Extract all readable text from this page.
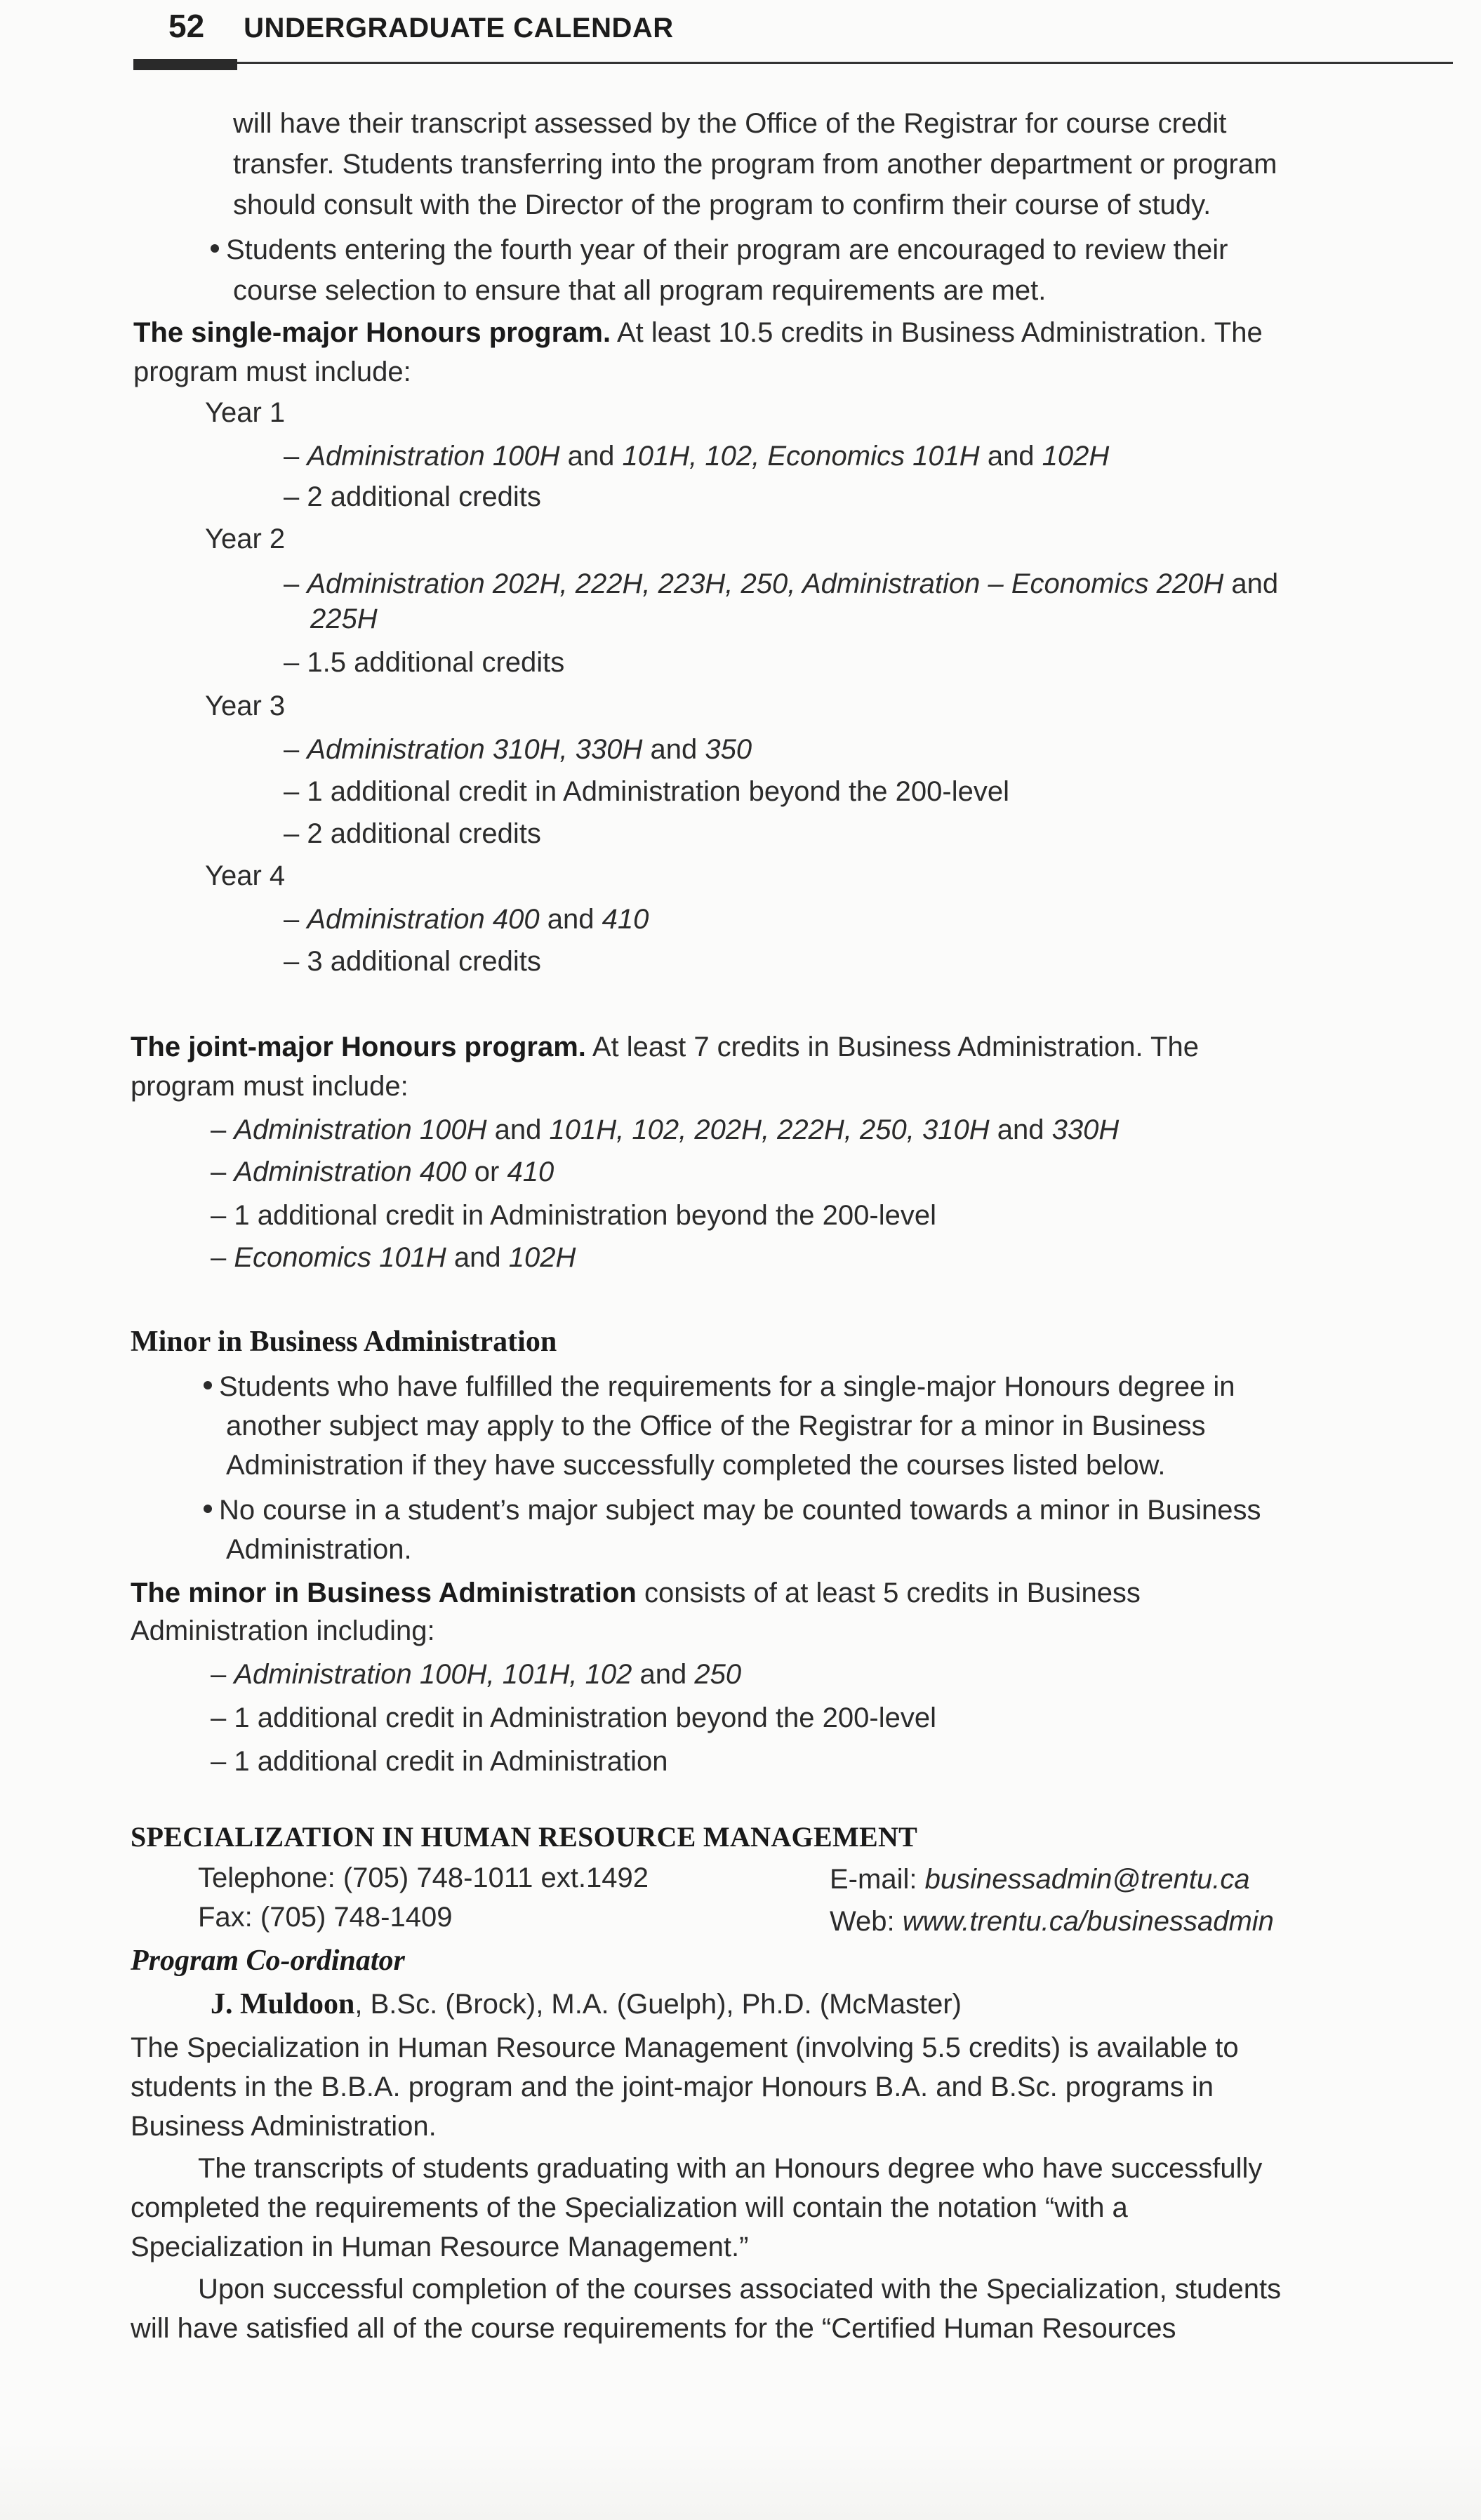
52 UNDERGRADUATE CALENDAR
will have their transcript assessed by the Office of the Registrar for course credit
transfer. Students transferring into the program from another department or program
should consult with the Director of the program to confirm their course of study.
Students entering the fourth year of their program are encouraged to review their
course selection to ensure that all program requirements are met.
The single-major Honours program. At least 10.5 credits in Business Administration. The
program must include:
Year 1
– Administration 100H and 101H, 102, Economics 101H and 102H
– 2 additional credits
Year 2
– Administration 202H, 222H, 223H, 250, Administration – Economics 220H and
225H
– 1.5 additional credits
Year 3
– Administration 310H, 330H and 350
– 1 additional credit in Administration beyond the 200-level
– 2 additional credits
Year 4
– Administration 400 and 410
– 3 additional credits
The joint-major Honours program. At least 7 credits in Business Administration. The
program must include:
– Administration 100H and 101H, 102, 202H, 222H, 250, 310H and 330H
– Administration 400 or 410
– 1 additional credit in Administration beyond the 200-level
– Economics 101H and 102H
Minor in Business Administration
Students who have fulfilled the requirements for a single-major Honours degree in
another subject may apply to the Office of the Registrar for a minor in Business
Administration if they have successfully completed the courses listed below.
No course in a student’s major subject may be counted towards a minor in Business
Administration.
The minor in Business Administration consists of at least 5 credits in Business
Administration including:
– Administration 100H, 101H, 102 and 250
– 1 additional credit in Administration beyond the 200-level
– 1 additional credit in Administration
SPECIALIZATION IN HUMAN RESOURCE MANAGEMENT
Telephone: (705) 748-1011 ext.1492
Fax: (705) 748-1409
E-mail: businessadmin@trentu.ca
Web: www.trentu.ca/businessadmin
Program Co-ordinator
J. Muldoon, B.Sc. (Brock), M.A. (Guelph), Ph.D. (McMaster)
The Specialization in Human Resource Management (involving 5.5 credits) is available to
students in the B.B.A. program and the joint-major Honours B.A. and B.Sc. programs in
Business Administration.
The transcripts of students graduating with an Honours degree who have successfully
completed the requirements of the Specialization will contain the notation “with a
Specialization in Human Resource Management.”
Upon successful completion of the courses associated with the Specialization, students
will have satisfied all of the course requirements for the “Certified Human Resources
